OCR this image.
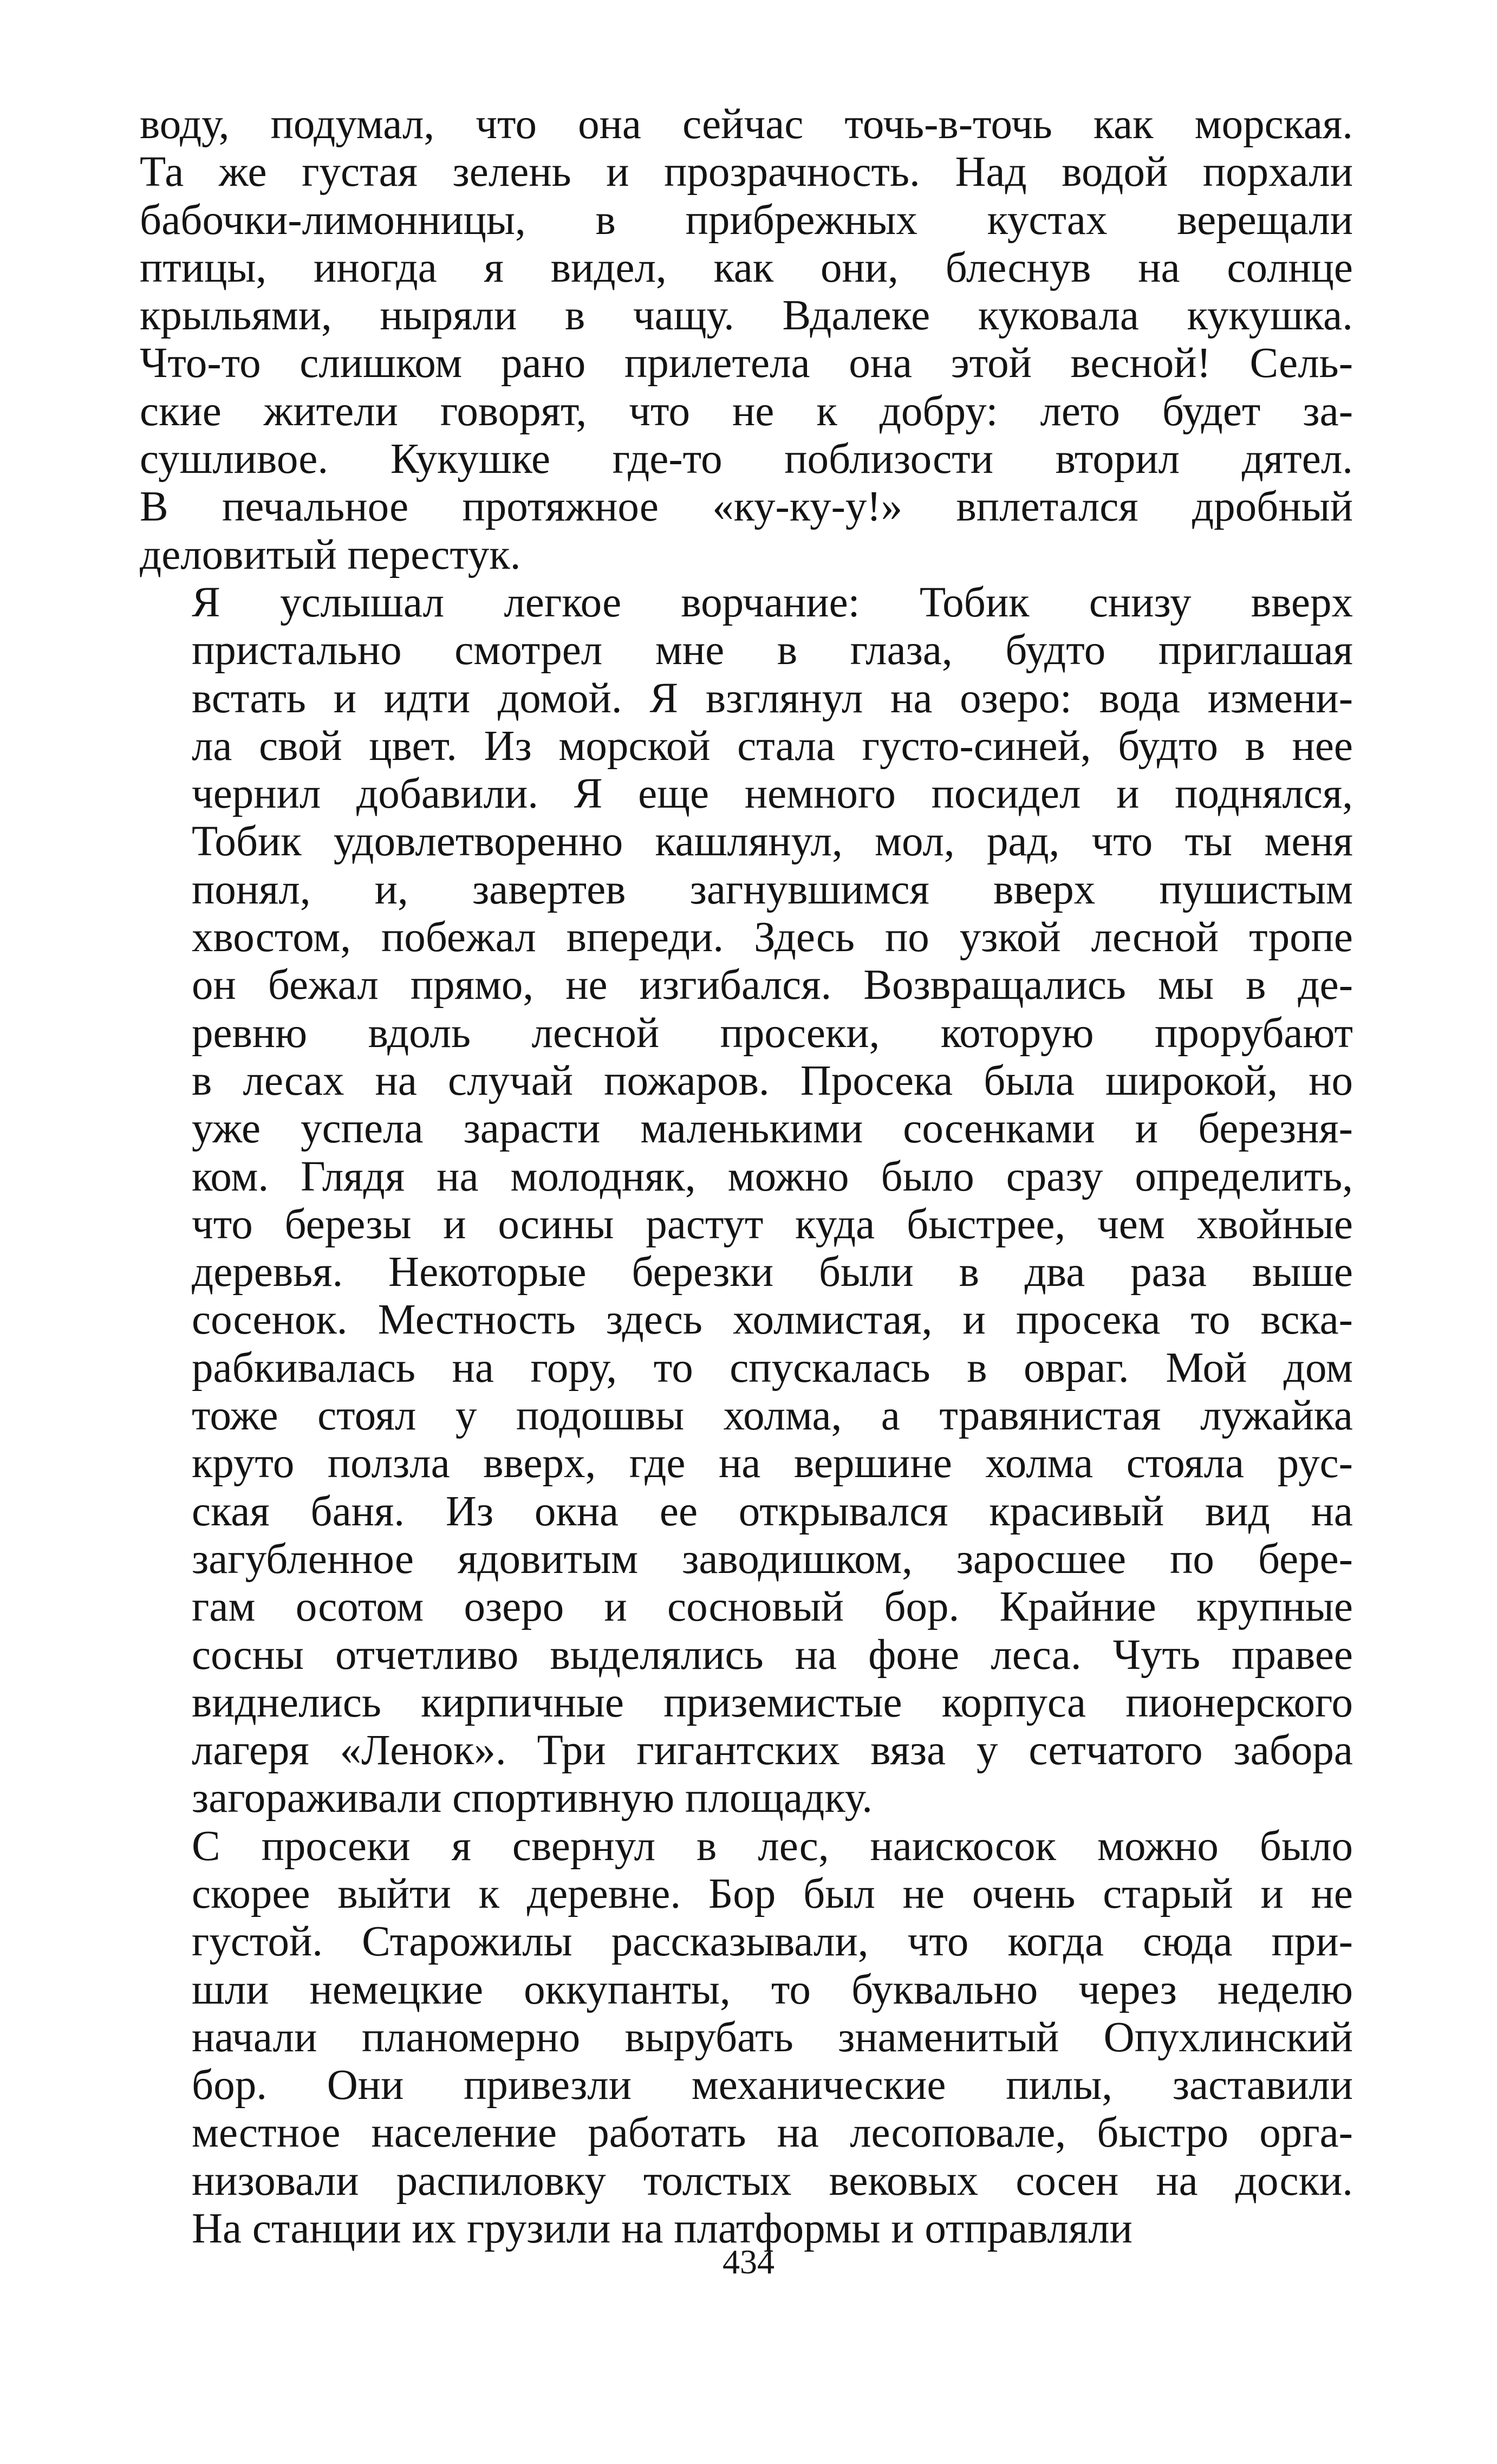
воду, подумал, что она сейчас точь-в-точь как морская.
Та же густая зелень и прозрачность. Над водой порхали
бабочки-лимонницы, в прибрежных кустах верещали
птицы, иногда я видел, как они, блеснув на солнце
крыльями, ныряли в чащу. Вдалеке куковала кукушка.
Что-то слишком рано прилетела она этой весной! Сель-
ские жители говорят, что не к добру: лето будет за-
сушливое. Кукушке где-то поблизости вторил дятел.
В печальное протяжное «ку-ку-у!» вплетался дробный
деловитый перестук.

Я услышал легкое ворчание: Тобик снизу вверх
пристально смотрел мне в глаза, будто приглашая
встать и идти домой. Я взглянул на озеро: вода измени-
ла свой цвет. Из морской стала густо-синей, будто в нее
чернил добавили. Я еще немного посидел и поднялся,
Тобик удовлетворенно кашлянул, мол, рад, что ты меня
понял, и, завертев загнувшимся вверх пушистым
хвостом, побежал впереди. Здесь по узкой лесной тропе
он бежал прямо, не изгибался. Возвращались мы в де-
ревню вдоль лесной просеки, которую прорубают
в лесах на случай пожаров. Просека была широкой, но
уже успела зарасти маленькими сосенками и березня-
ком. Глядя на молодняк, можно было сразу определить,
что березы и осины растут куда быстрее, чем хвойные
деревья. Некоторые березки были в два раза выше
сосенок. Местность здесь холмистая, и просека то вска-
рабкивалась на гору, то спускалась в овраг. Мой дом
тоже стоял у подошвы холма, а травянистая лужайка
круто ползла вверх, где на вершине холма стояла рус-
ская баня. Из окна ее открывался красивый вид на
загубленное ядовитым заводишком, заросшее по бере-
гам осотом озеро и сосновый бор. Крайние крупные
сосны отчетливо выделялись на фоне леса. Чуть правее
виднелись кирпичные приземистые корпуса пионерского
лагеря «Ленок». Три гигантских вяза у сетчатого забора
загораживали спортивную площадку.

С просеки я свернул в лес, наискосок можно было
скорее выйти к деревне. Бор был не очень старый и не
густой. Старожилы рассказывали, что когда сюда при-
шли немецкие оккупанты, то буквально через неделю
начали планомерно вырубать знаменитый Опухлинский
бор. Они привезли механические пилы, заставили
местное население работать на лесоповале, быстро орга-
низовали распиловку толстых вековых сосен на доски.
На станции их грузили на платформы и отправляли

434
